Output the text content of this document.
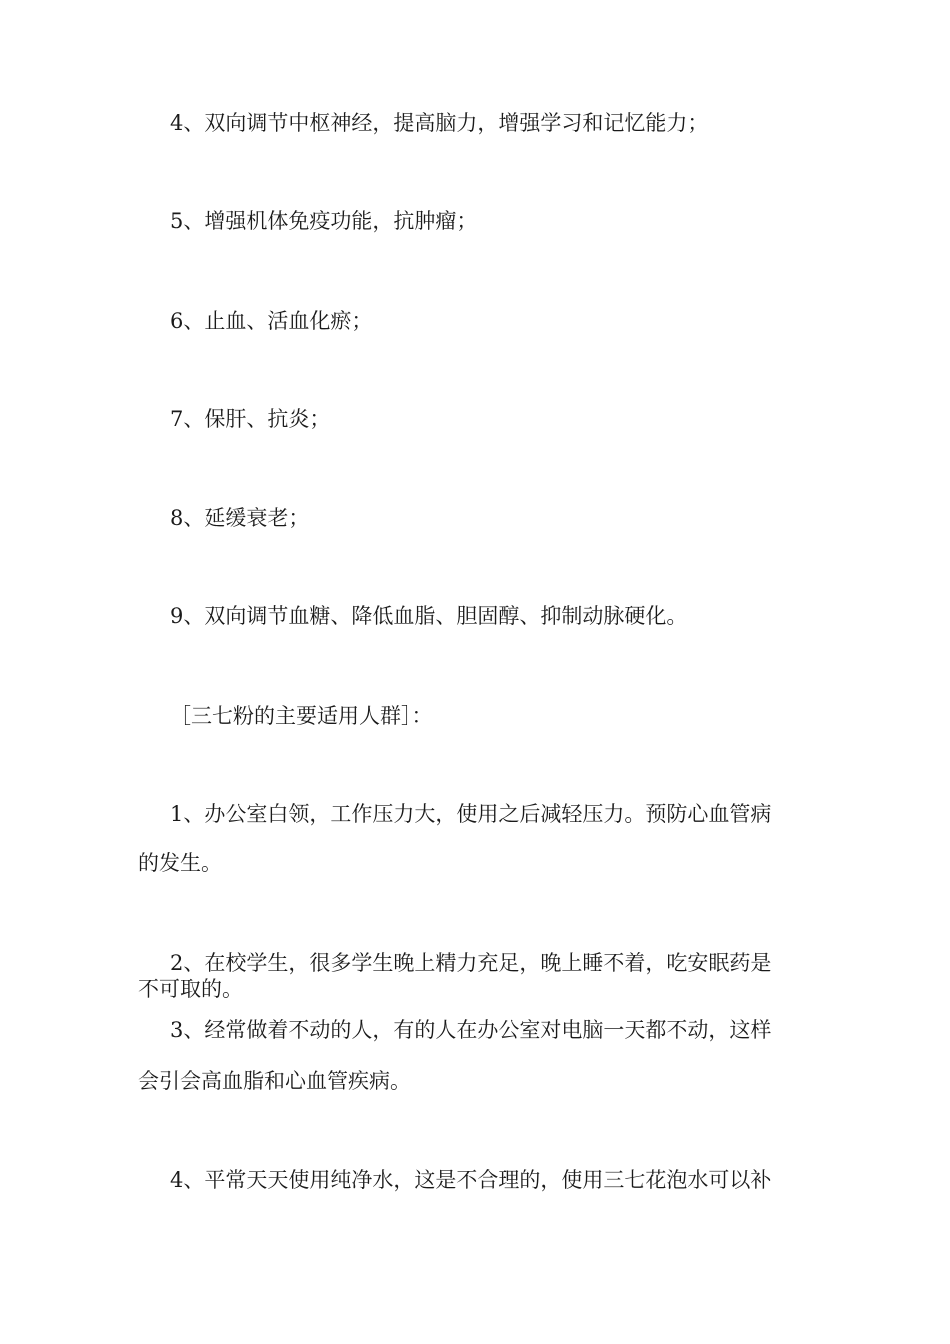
4、双向调节中枢神经，提高脑力，增强学习和记忆能力；
5、增强机体免疫功能，抗肿瘤；
6、止血、活血化瘀；
7、保肝、抗炎；
8、延缓衰老；
9、双向调节血糖、降低血脂、胆固醇、抑制动脉硬化。
［三七粉的主要适用人群］：
1、办公室白领，工作压力大，使用之后减轻压力。预防心血管病
的发生。
2、在校学生，很多学生晚上精力充足，晚上睡不着，吃安眠药是
不可取的。
3、经常做着不动的人，有的人在办公室对电脑一天都不动，这样
会引会高血脂和心血管疾病。
4、平常天天使用纯净水，这是不合理的，使用三七花泡水可以补
